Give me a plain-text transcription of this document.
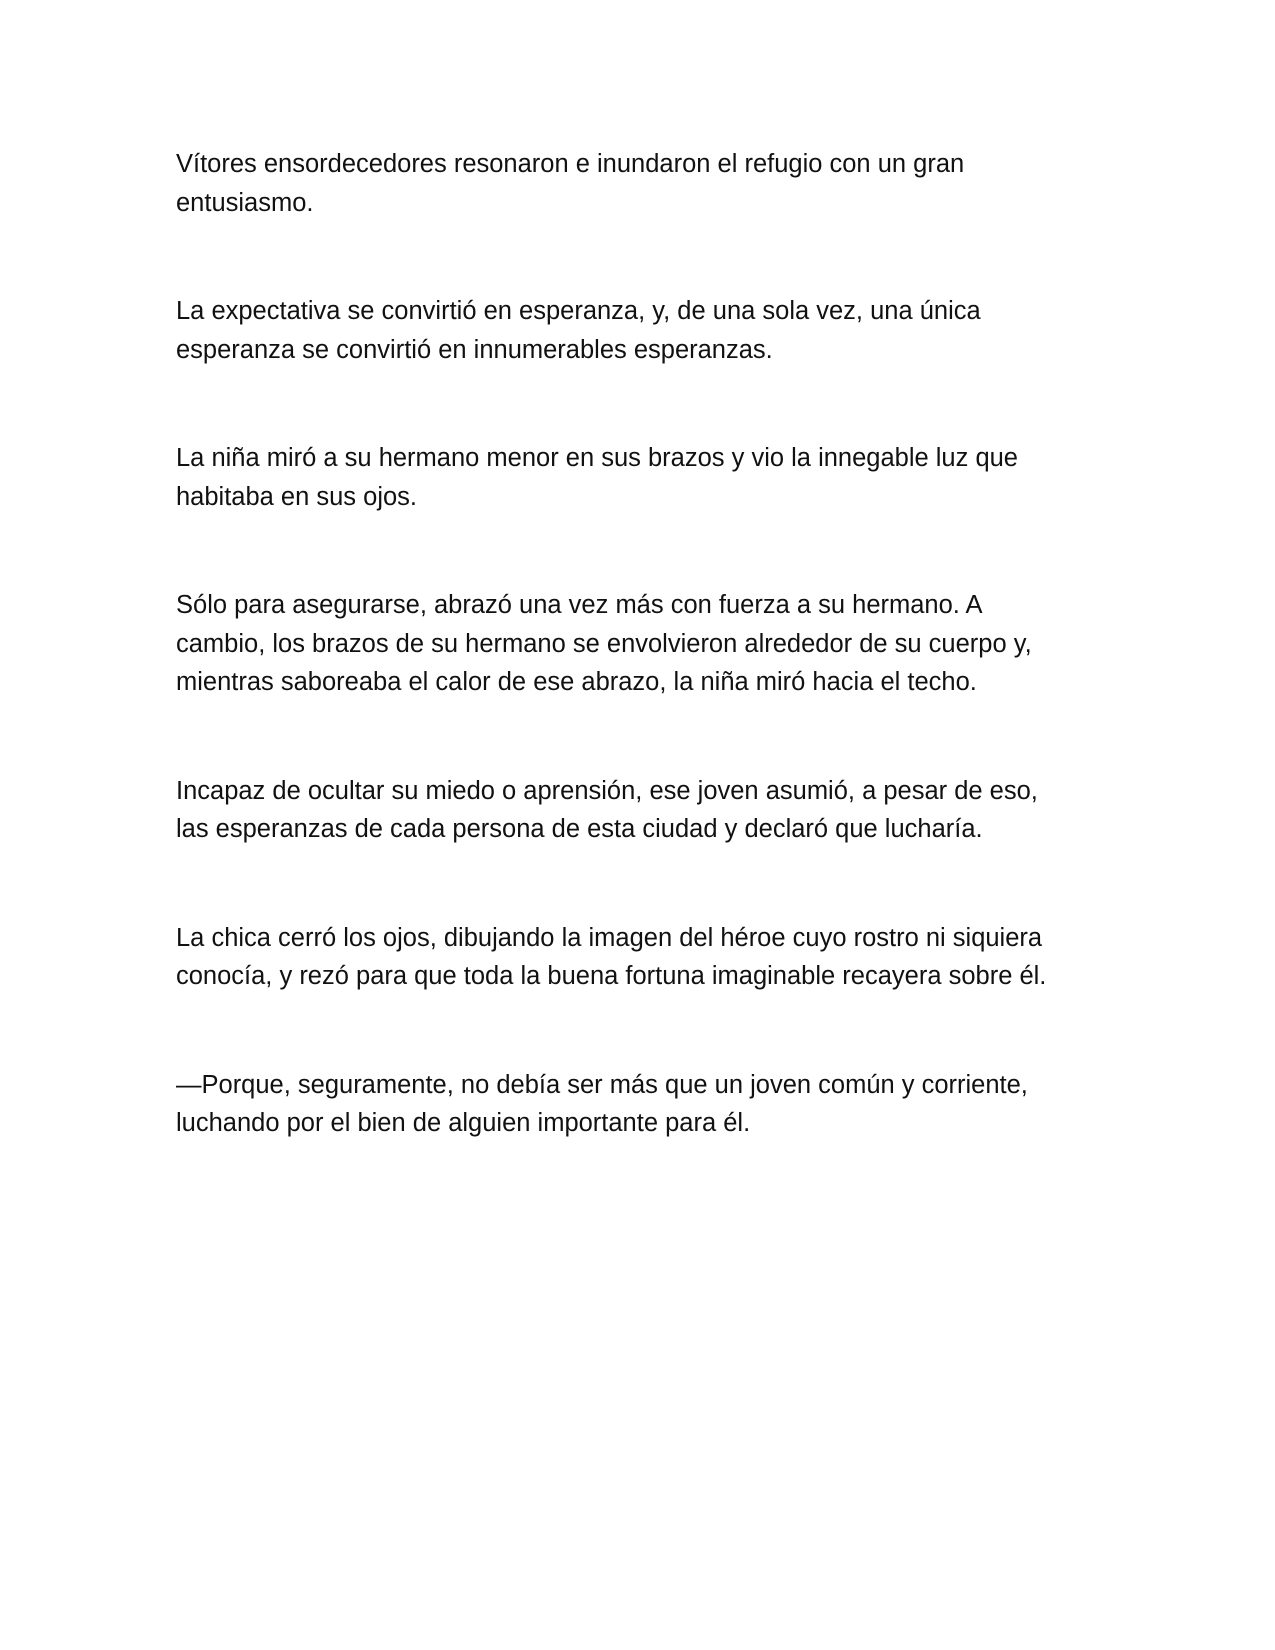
Vítores ensordecedores resonaron e inundaron el refugio con un gran
entusiasmo.

La expectativa se convirtió en esperanza, y, de una sola vez, una única
esperanza se convirtió en innumerables esperanzas.

La niña miró a su hermano menor en sus brazos y vio la innegable luz que
habitaba en sus ojos.

Sólo para asegurarse, abrazó una vez más con fuerza a su hermano. A
cambio, los brazos de su hermano se envolvieron alrededor de su cuerpo y,
mientras saboreaba el calor de ese abrazo, la niña miró hacia el techo.

Incapaz de ocultar su miedo o aprensión, ese joven asumió, a pesar de eso,
las esperanzas de cada persona de esta ciudad y declaró que lucharía.

La chica cerró los ojos, dibujando la imagen del héroe cuyo rostro ni siquiera
conocía, y rezó para que toda la buena fortuna imaginable recayera sobre él.

—Porque, seguramente, no debía ser más que un joven común y corriente,
luchando por el bien de alguien importante para él.
